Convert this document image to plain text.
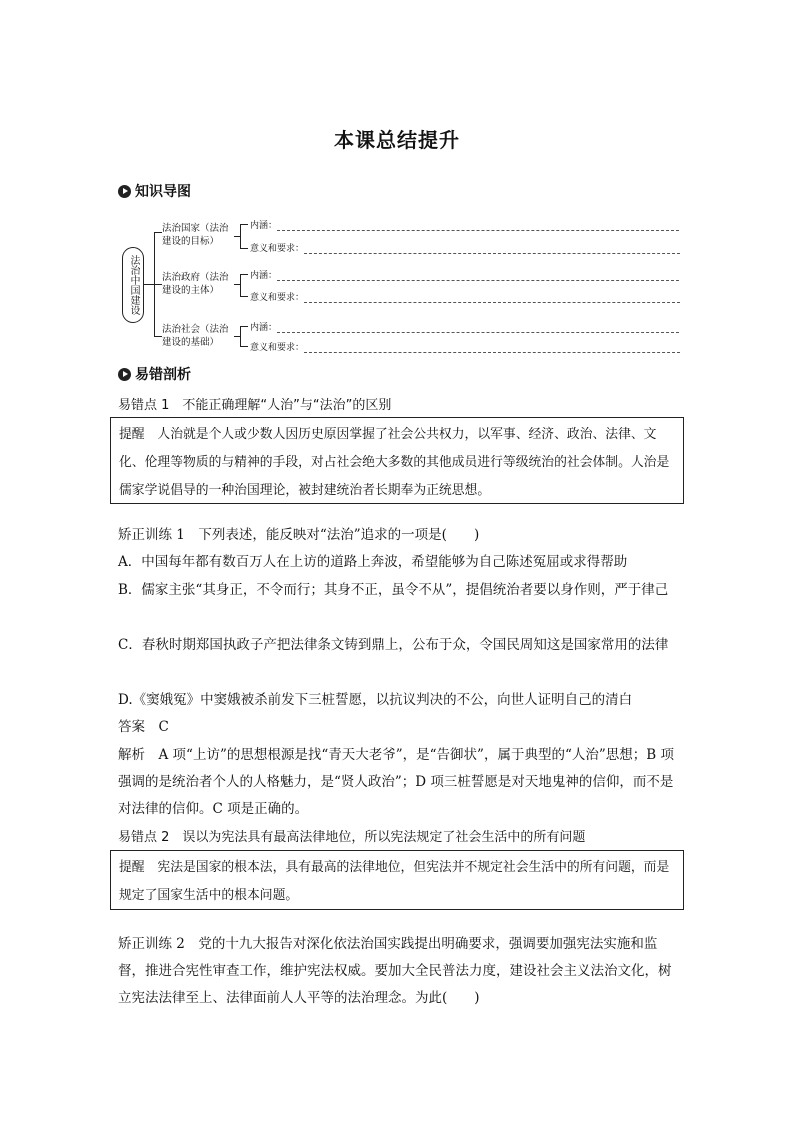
本课总结提升
知识导图
法治中国建设
法治国家（法治建设的目标）
内涵：
意义和要求：
法治政府（法治建设的主体）
内涵：
意义和要求：
法治社会（法治建设的基础）
内涵：
意义和要求：
易错剖析
易错点 1　不能正确理解“人治”与“法治”的区别
提醒　人治就是个人或少数人因历史原因掌握了社会公共权力，以军事、经济、政治、法律、文化、伦理等物质的与精神的手段，对占社会绝大多数的其他成员进行等级统治的社会体制。人治是儒家学说倡导的一种治国理论，被封建统治者长期奉为正统思想。
矫正训练 1　下列表述，能反映对“法治”追求的一项是(　　)
A．中国每年都有数百万人在上访的道路上奔波，希望能够为自己陈述冤屈或求得帮助
B．儒家主张“其身正，不令而行；其身不正，虽令不从”，提倡统治者要以身作则，严于律己
C．春秋时期郑国执政子产把法律条文铸到鼎上，公布于众，令国民周知这是国家常用的法律
D.《窦娥冤》中窦娥被杀前发下三桩誓愿，以抗议判决的不公，向世人证明自己的清白
答案　C
解析　A 项“上访”的思想根源是找“青天大老爷”，是“告御状”，属于典型的“人治”思想；B 项强调的是统治者个人的人格魅力，是“贤人政治”；D 项三桩誓愿是对天地鬼神的信仰，而不是对法律的信仰。C 项是正确的。
易错点 2　误以为宪法具有最高法律地位，所以宪法规定了社会生活中的所有问题
提醒　宪法是国家的根本法，具有最高的法律地位，但宪法并不规定社会生活中的所有问题，而是规定了国家生活中的根本问题。
矫正训练 2　党的十九大报告对深化依法治国实践提出明确要求，强调要加强宪法实施和监督，推进合宪性审查工作，维护宪法权威。要加大全民普法力度，建设社会主义法治文化，树立宪法法律至上、法律面前人人平等的法治理念。为此(　　)
